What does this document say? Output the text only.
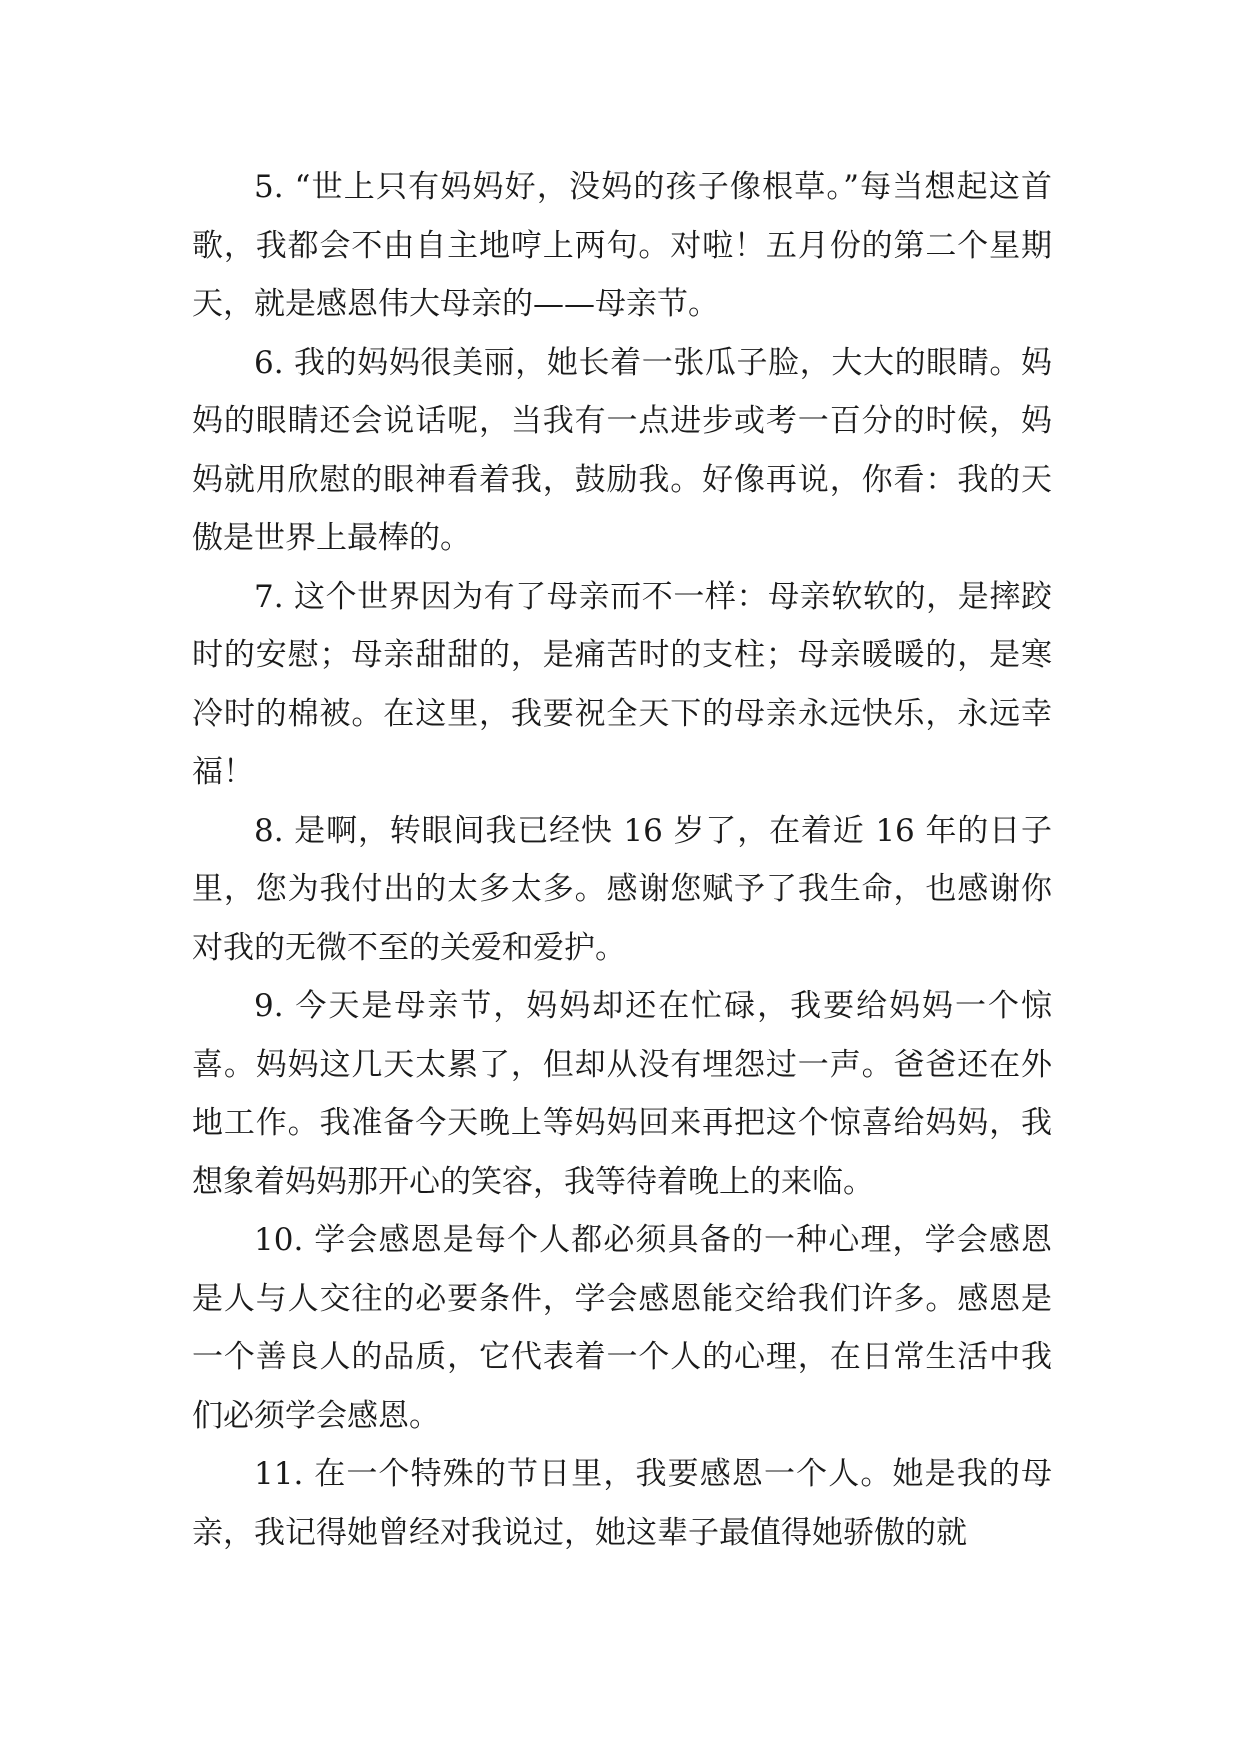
5. “世上只有妈妈好，没妈的孩子像根草。”每当想起这首歌，我都会不由自主地哼上两句。对啦！五月份的第二个星期天，就是感恩伟大母亲的——母亲节。

6. 我的妈妈很美丽，她长着一张瓜子脸，大大的眼睛。妈妈的眼睛还会说话呢，当我有一点进步或考一百分的时候，妈妈就用欣慰的眼神看着我，鼓励我。好像再说，你看：我的天傲是世界上最棒的。

7. 这个世界因为有了母亲而不一样：母亲软软的，是摔跤时的安慰；母亲甜甜的，是痛苦时的支柱；母亲暖暖的，是寒冷时的棉被。在这里，我要祝全天下的母亲永远快乐，永远幸福！

8. 是啊，转眼间我已经快 16 岁了，在着近 16 年的日子里，您为我付出的太多太多。感谢您赋予了我生命，也感谢你对我的无微不至的关爱和爱护。

9. 今天是母亲节，妈妈却还在忙碌，我要给妈妈一个惊喜。妈妈这几天太累了，但却从没有埋怨过一声。爸爸还在外地工作。我准备今天晚上等妈妈回来再把这个惊喜给妈妈，我想象着妈妈那开心的笑容，我等待着晚上的来临。

10. 学会感恩是每个人都必须具备的一种心理，学会感恩是人与人交往的必要条件，学会感恩能交给我们许多。感恩是一个善良人的品质，它代表着一个人的心理，在日常生活中我们必须学会感恩。

11. 在一个特殊的节日里，我要感恩一个人。她是我的母亲，我记得她曾经对我说过，她这辈子最值得她骄傲的就
